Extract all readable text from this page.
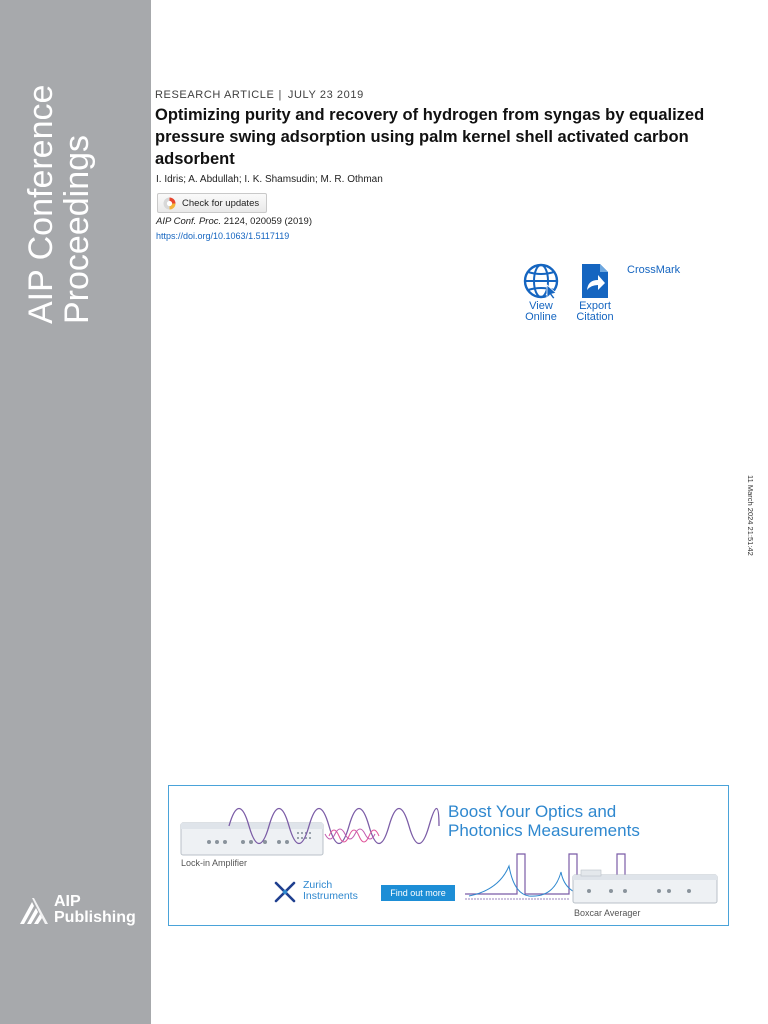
AIP Conference
Proceedings
AIP
Publishing
RESEARCH ARTICLE | JULY 23 2019
Optimizing purity and recovery of hydrogen from syngas by equalized pressure swing adsorption using palm kernel shell activated carbon adsorbent
I. Idris; A. Abdullah; I. K. Shamsudin; M. R. Othman
Check for updates
AIP Conf. Proc. 2124, 020059 (2019)
https://doi.org/10.1063/1.5117119
View
Online
Export
Citation
CrossMark
11 March 2024 21:51:42
Boost Your Optics and
Photonics Measurements
Lock-in Amplifier
Boxcar Averager
Zurich
Instruments	Find out more
